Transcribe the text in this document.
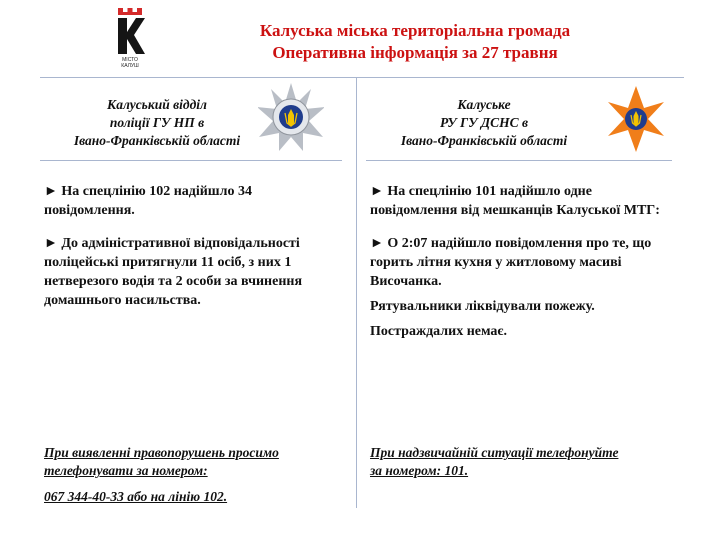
МІСТО
КАЛУШ
Калуська міська територіальна громада
Оперативна інформація за 27 травня
Калуський відділ
поліції ГУ НП в
Івано-Франківській області
Калуське
РУ ГУ ДСНС в
Івано-Франківській області

► На спецлінію 102 надійшло 34 повідомлення.

► До адміністративної відповідальності поліцейські притягнули 11 осіб, з них 1 нетверезого водія та 2 особи за вчинення домашнього насильства.

► На спецлінію 101 надійшло одне повідомлення від мешканців Калуської МТГ:

► О 2:07 надійшло повідомлення про те, що горить літня кухня у житловому масиві Височанка.

Рятувальники ліквідували пожежу.

Постраждалих немає.

При виявленні правопорушень просимо
телефонувати за номером:
067 344-40-33 або на лінію 102.
При надзвичайній ситуації телефонуйте
за номером: 101.
